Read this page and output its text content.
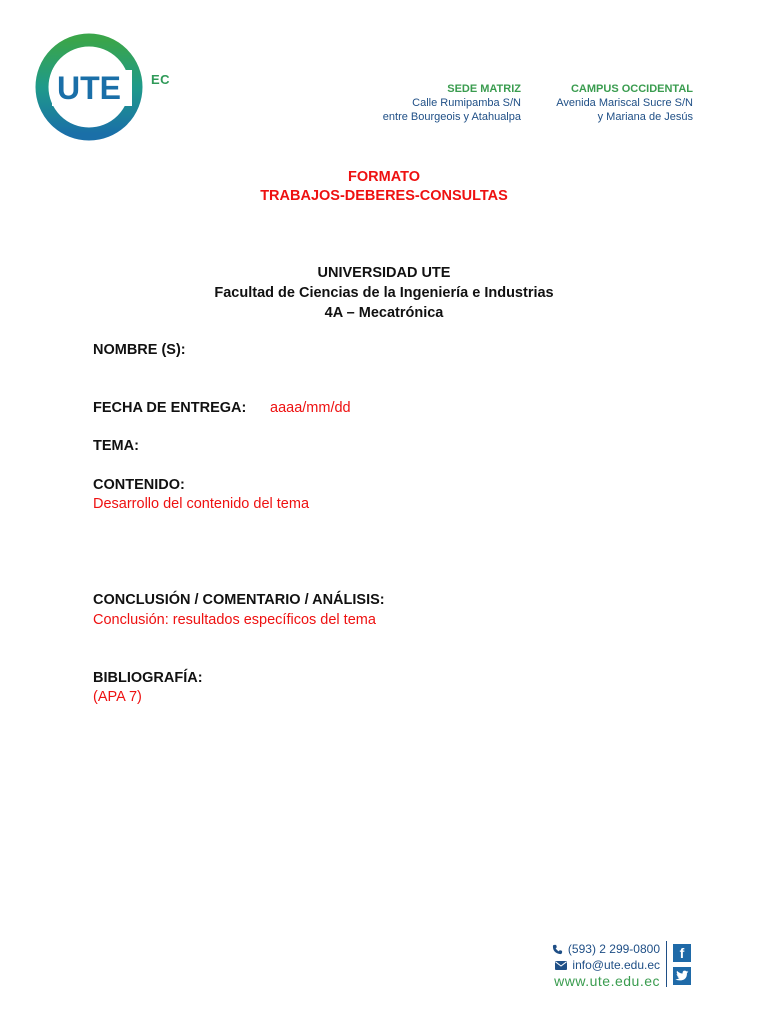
UTE EC
SEDE MATRIZ
Calle Rumipamba S/N
entre Bourgeois y Atahualpa
CAMPUS OCCIDENTAL
Avenida Mariscal Sucre S/N
y Mariana de Jesús
FORMATO
TRABAJOS-DEBERES-CONSULTAS
UNIVERSIDAD UTE
Facultad de Ciencias de la Ingeniería e Industrias
4A – Mecatrónica
NOMBRE (S):
FECHA DE ENTREGA: aaaa/mm/dd
TEMA:
CONTENIDO:
Desarrollo del contenido del tema
CONCLUSIÓN / COMENTARIO / ANÁLISIS:
Conclusión: resultados específicos del tema
BIBLIOGRAFÍA:
(APA 7)
(593) 2 299-0800
info@ute.edu.ec
www.ute.edu.ec
f
